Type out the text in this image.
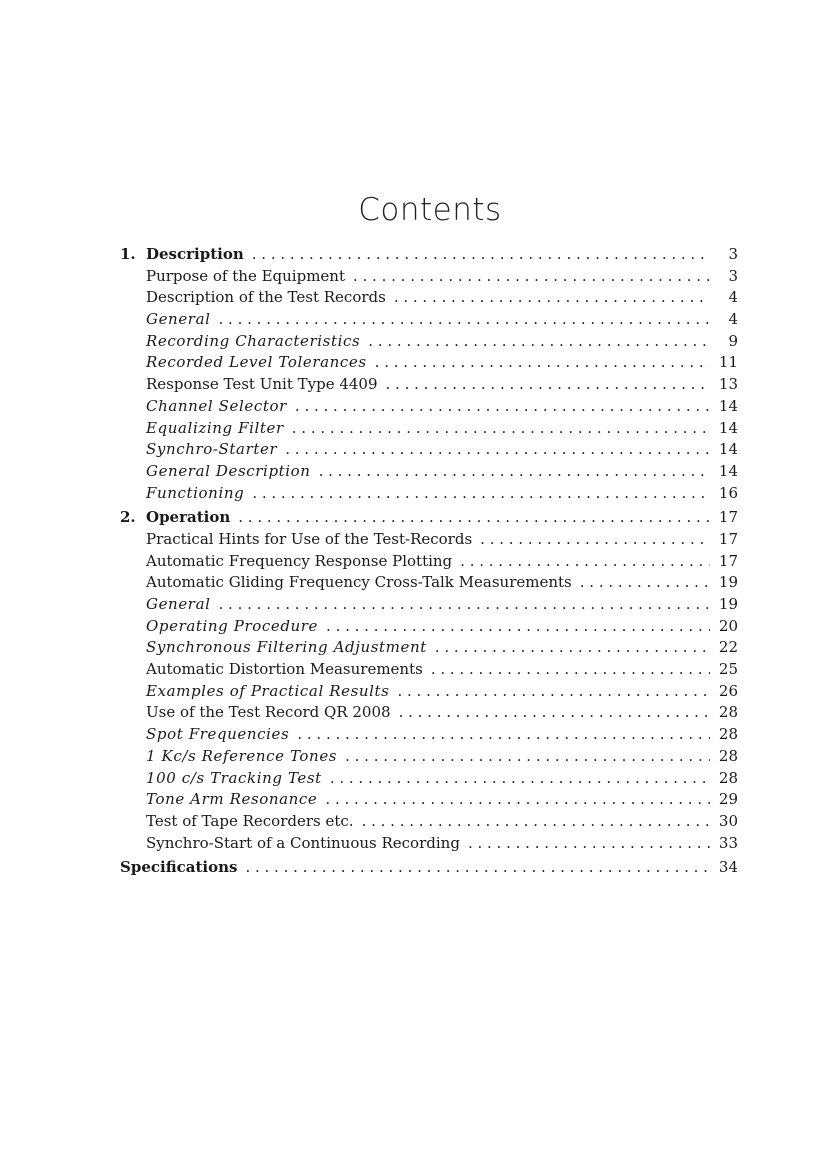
Contents
1. Description . . .	3
Purpose of the Equipment . . .	3
Description of the Test Records . . .	4
General . . .	4
Recording Characteristics . . .	9
Recorded Level Tolerances . . .	11
Response Test Unit Type 4409 . . .	13
Channel Selector . . .	14
Equalizing Filter . . .	14
Synchro-Starter . . .	14
General Description . . .	14
Functioning . . .	16
2. Operation . . .	17
Practical Hints for Use of the Test-Records . . .	17
Automatic Frequency Response Plotting . . .	17
Automatic Gliding Frequency Cross-Talk Measurements . . .	19
General . . .	19
Operating Procedure . . .	20
Synchronous Filtering Adjustment . . .	22
Automatic Distortion Measurements . . .	25
Examples of Practical Results . . .	26
Use of the Test Record QR 2008 . . .	28
Spot Frequencies . . .	28
1 Kc/s Reference Tones . . .	28
100 c/s Tracking Test . . .	28
Tone Arm Resonance . . .	29
Test of Tape Recorders etc. . . .	30
Synchro-Start of a Continuous Recording . . .	33
Specifications . . .	34
